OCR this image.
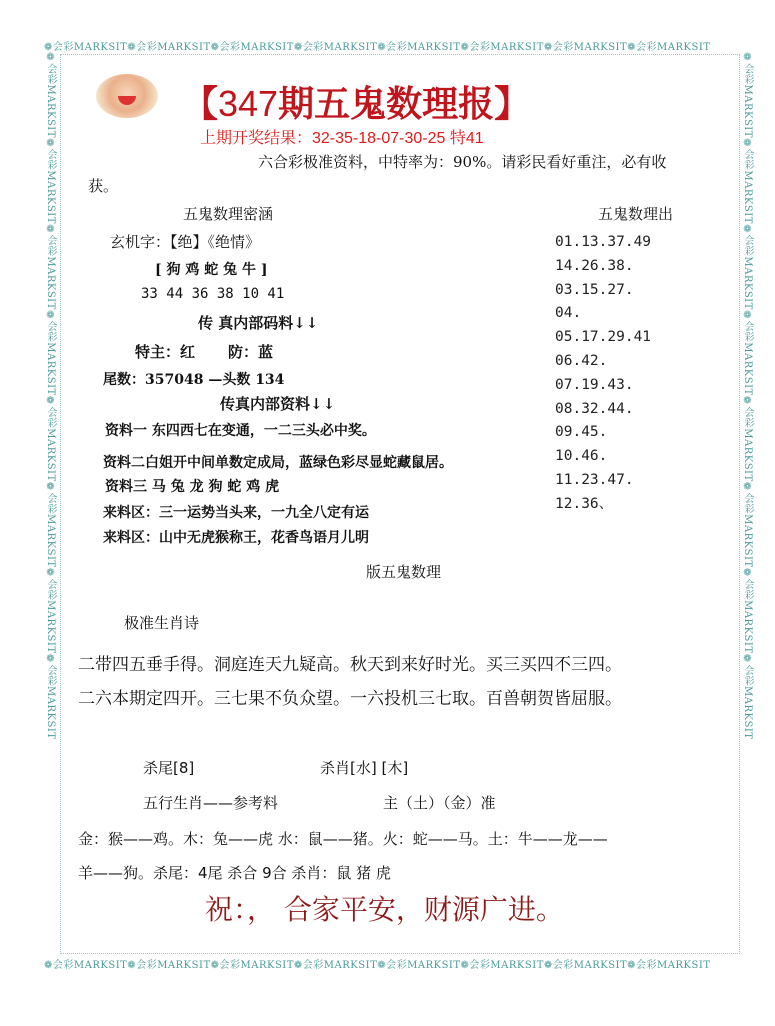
❁会彩MARKSIT❁会彩MARKSIT❁会彩MARKSIT❁会彩MARKSIT❁会彩MARKSIT❁会彩MARKSIT❁会彩MARKSIT❁会彩MARKSIT
❁会彩MARKSIT❁会彩MARKSIT❁会彩MARKSIT❁会彩MARKSIT❁会彩MARKSIT❁会彩MARKSIT❁会彩MARKSIT❁会彩MARKSIT
❁会彩MARKSIT❁会彩MARKSIT❁会彩MARKSIT❁会彩MARKSIT❁会彩MARKSIT❁会彩MARKSIT❁会彩MARKSIT❁会彩MARKSIT	❁会彩MARKSIT❁会彩MARKSIT❁会彩MARKSIT❁会彩MARKSIT❁会彩MARKSIT❁会彩MARKSIT❁会彩MARKSIT❁会彩MARKSIT
【347期五鬼数理报】
上期开奖结果：32-35-18-07-30-25 特41
六合彩极准资料，中特率为：90%。请彩民看好重注，必有收
获。
五鬼数理密涵
玄机字：【绝】《绝情》
[ 狗 鸡 蛇 兔 牛 ]
33 44 36 38 10 41
传 真内部码料↓↓
特主：红 防：蓝
尾数：357048 —头数 134
传真内部资料↓↓
资料一 东四西七在变通，一二三头必中奖。
资料二白姐开中间单数定成局，蓝绿色彩尽显蛇藏鼠居。
资料三 马 兔 龙 狗 蛇 鸡 虎
来料区：三一运势当头来，一九全八定有运
来料区：山中无虎猴称王，花香鸟语月儿明
五鬼数理出
01.13.37.49
14.26.38.
03.15.27.
04.
05.17.29.41
06.42.
07.19.43.
08.32.44.
09.45.
10.46.
11.23.47.
12.36、
版五鬼数理
极准生肖诗
二带四五垂手得。洞庭连天九疑高。秋天到来好时光。买三买四不三四。
二六本期定四开。三七果不负众望。一六投机三七取。百兽朝贺皆屈服。
杀尾[8]	杀肖[水] [木]
五行生肖——参考料	主（土）（金）准
金：猴——鸡。木：兔——虎 水：鼠——猪。火：蛇——马。土：牛——龙——
羊——狗。杀尾：4尾 杀合 9合 杀肖：鼠 猪 虎
祝：， 合家平安，财源广进。
